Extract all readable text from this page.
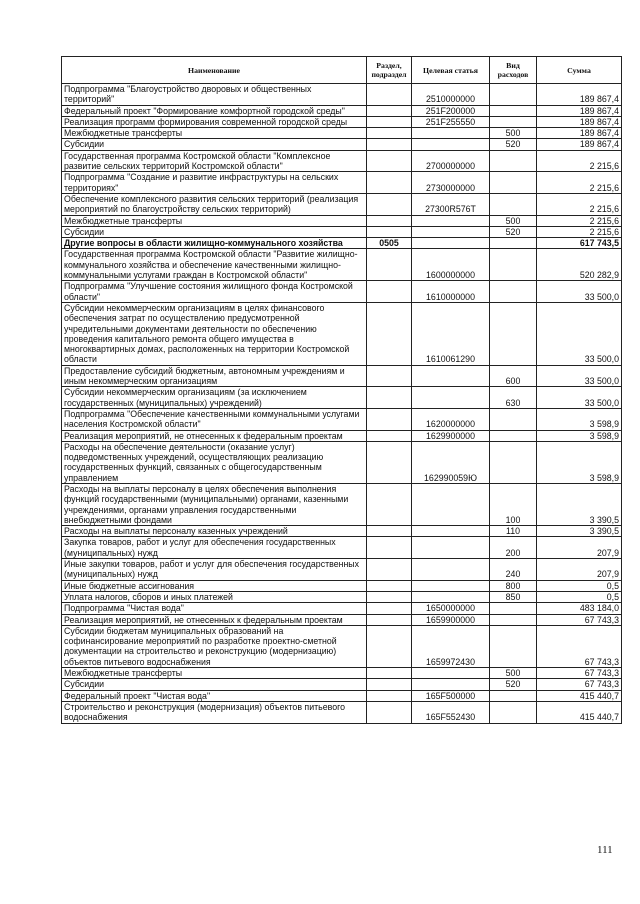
Наименование	Раздел, подраздел	Целевая статья	Вид расходов	Сумма
Подпрограмма "Благоустройство дворовых и общественных территорий"		2510000000		189 867,4
Федеральный проект "Формирование комфортной городской среды"		251F200000		189 867,4
Реализация программ формирования современной городской среды		251F255550		189 867,4
Межбюджетные трансферты			500	189 867,4
Субсидии			520	189 867,4
Государственная программа Костромской области "Комплексное развитие сельских территорий Костромской области"		2700000000		2 215,6
Подпрограмма "Создание и развитие инфраструктуры на сельских территориях"		2730000000		2 215,6
Обеспечение комплексного развития сельских территорий (реализация мероприятий по благоустройству сельских территорий)		27300R576T		2 215,6
Межбюджетные трансферты			500	2 215,6
Субсидии			520	2 215,6
Другие вопросы в области жилищно-коммунального хозяйства	0505			617 743,5
Государственная программа Костромской области "Развитие жилищно-коммунального хозяйства и обеспечение качественными жилищно-коммунальными услугами граждан в Костромской области"		1600000000		520 282,9
Подпрограмма "Улучшение состояния жилищного фонда Костромской области"		1610000000		33 500,0
Субсидии некоммерческим организациям в целях финансового обеспечения затрат по осуществлению предусмотренной учредительными документами деятельности по обеспечению проведения капитального ремонта общего имущества в многоквартирных домах, расположенных на территории Костромской области		1610061290		33 500,0
Предоставление субсидий бюджетным, автономным учреждениям и иным некоммерческим организациям			600	33 500,0
Субсидии некоммерческим организациям (за исключением государственных (муниципальных) учреждений)			630	33 500,0
Подпрограмма "Обеспечение качественными коммунальными услугами населения Костромской области"		1620000000		3 598,9
Реализация мероприятий, не отнесенных к федеральным проектам		1629900000		3 598,9
Расходы на обеспечение деятельности (оказание услуг) подведомственных учреждений, осуществляющих реализацию государственных функций, связанных с общегосударственным управлением		162990059Ю		3 598,9
Расходы на выплаты персоналу в целях обеспечения выполнения функций государственными (муниципальными) органами, казенными учреждениями, органами управления государственными внебюджетными фондами			100	3 390,5
Расходы на выплаты персоналу казенных учреждений			110	3 390,5
Закупка товаров, работ и услуг для обеспечения государственных (муниципальных) нужд			200	207,9
Иные закупки товаров, работ и услуг для обеспечения государственных (муниципальных) нужд			240	207,9
Иные бюджетные ассигнования			800	0,5
Уплата налогов, сборов и иных платежей			850	0,5
Подпрограмма "Чистая вода"		1650000000		483 184,0
Реализация мероприятий, не отнесенных к федеральным проектам		1659900000		67 743,3
Субсидии бюджетам муниципальных образований на софинансирование мероприятий по разработке проектно-сметной документации на строительство и реконструкцию (модернизацию) объектов питьевого водоснабжения		1659972430		67 743,3
Межбюджетные трансферты			500	67 743,3
Субсидии			520	67 743,3
Федеральный проект "Чистая вода"		165F500000		415 440,7
Строительство и реконструкция (модернизация) объектов питьевого водоснабжения		165F552430		415 440,7
111
